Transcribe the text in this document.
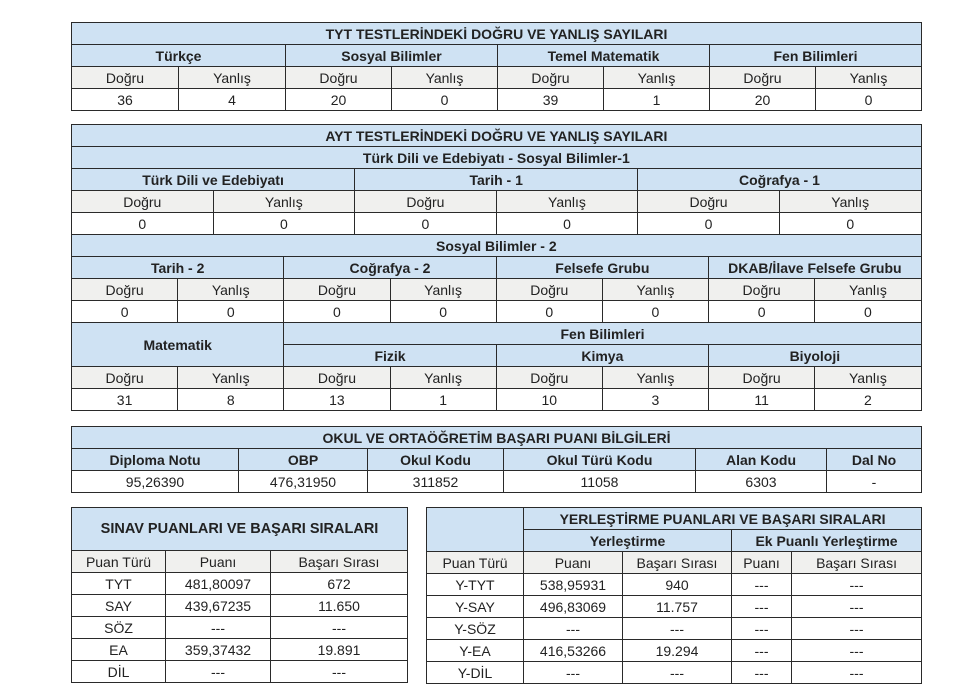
TYT TESTLERİNDEKİ DOĞRU VE YANLIŞ SAYILARI							
Türkçe		Sosyal Bilimler		Temel Matematik		Fen Bilimleri	
Doğru	Yanlış	Doğru	Yanlış	Doğru	Yanlış	Doğru	Yanlış
36	4	20	0	39	1	20	0
AYT TESTLERİNDEKİ DOĞRU VE YANLIŞ SAYILARI											
Türk Dili ve Edebiyatı - Sosyal Bilimler-1											
Türk Dili ve Edebiyatı				Tarih - 1				Coğrafya - 1			
Doğru		Yanlış		Doğru		Yanlış		Doğru		Yanlış	
0		0		0		0		0		0	
Sosyal Bilimler - 2											
Tarih - 2			Coğrafya - 2			Felsefe Grubu			DKAB/İlave Felsefe Grubu		
Doğru	Yanlış		Doğru		Yanlış	Doğru	Yanlış		Doğru		Yanlış
0	0		0		0	0	0		0		0
Matematik			Fen Bilimleri								
			Fizik			Kimya			Biyoloji		
Doğru	Yanlış		Doğru		Yanlış	Doğru	Yanlış		Doğru		Yanlış
31	8		13		1	10	3		11		2
OKUL VE ORTAÖĞRETİM BAŞARI PUANI BİLGİLERİ					
Diploma Notu	OBP	Okul Kodu	Okul Türü Kodu	Alan Kodu	Dal No
95,26390	476,31950	311852	11058	6303	-
SINAV PUANLARI VE BAŞARI SIRALARI		
Puan Türü	Puanı	Başarı Sırası
TYT	481,80097	672
SAY	439,67235	11.650
SÖZ	---	---
EA	359,37432	19.891
DİL	---	---
	YERLEŞTİRME PUANLARI VE BAŞARI SIRALARI			
	Yerleştirme		Ek Puanlı Yerleştirme	
Puan Türü	Puanı	Başarı Sırası	Puanı	Başarı Sırası
Y-TYT	538,95931	940	---	---
Y-SAY	496,83069	11.757	---	---
Y-SÖZ	---	---	---	---
Y-EA	416,53266	19.294	---	---
Y-DİL	---	---	---	---
